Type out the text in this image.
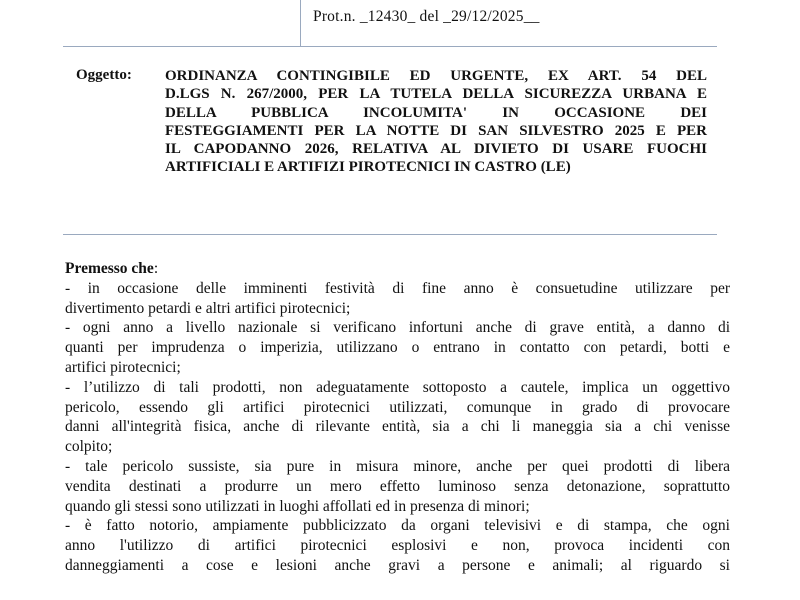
Prot.n. _12430_ del _29/12/2025__
Oggetto: ORDINANZA CONTINGIBILE ED URGENTE, EX ART. 54 DEL
D.LGS N. 267/2000, PER LA TUTELA DELLA SICUREZZA URBANA E
DELLA PUBBLICA INCOLUMITA' IN OCCASIONE DEI
FESTEGGIAMENTI PER LA NOTTE DI SAN SILVESTRO 2025 E PER
IL CAPODANNO 2026, RELATIVA AL DIVIETO DI USARE FUOCHI
ARTIFICIALI E ARTIFIZI PIROTECNICI IN CASTRO (LE)
Premesso che:
- in occasione delle imminenti festività di fine anno è consuetudine utilizzare per
divertimento petardi e altri artifici pirotecnici;
- ogni anno a livello nazionale si verificano infortuni anche di grave entità, a danno di
quanti per imprudenza o imperizia, utilizzano o entrano in contatto con petardi, botti e
artifici pirotecnici;
- l’utilizzo di tali prodotti, non adeguatamente sottoposto a cautele, implica un oggettivo
pericolo, essendo gli artifici pirotecnici utilizzati, comunque in grado di provocare
danni all'integrità fisica, anche di rilevante entità, sia a chi li maneggia sia a chi venisse
colpito;
- tale pericolo sussiste, sia pure in misura minore, anche per quei prodotti di libera
vendita destinati a produrre un mero effetto luminoso senza detonazione, soprattutto
quando gli stessi sono utilizzati in luoghi affollati ed in presenza di minori;
- è fatto notorio, ampiamente pubblicizzato da organi televisivi e di stampa, che ogni
anno l'utilizzo di artifici pirotecnici esplosivi e non, provoca incidenti con
danneggiamenti a cose e lesioni anche gravi a persone e animali; al riguardo si
